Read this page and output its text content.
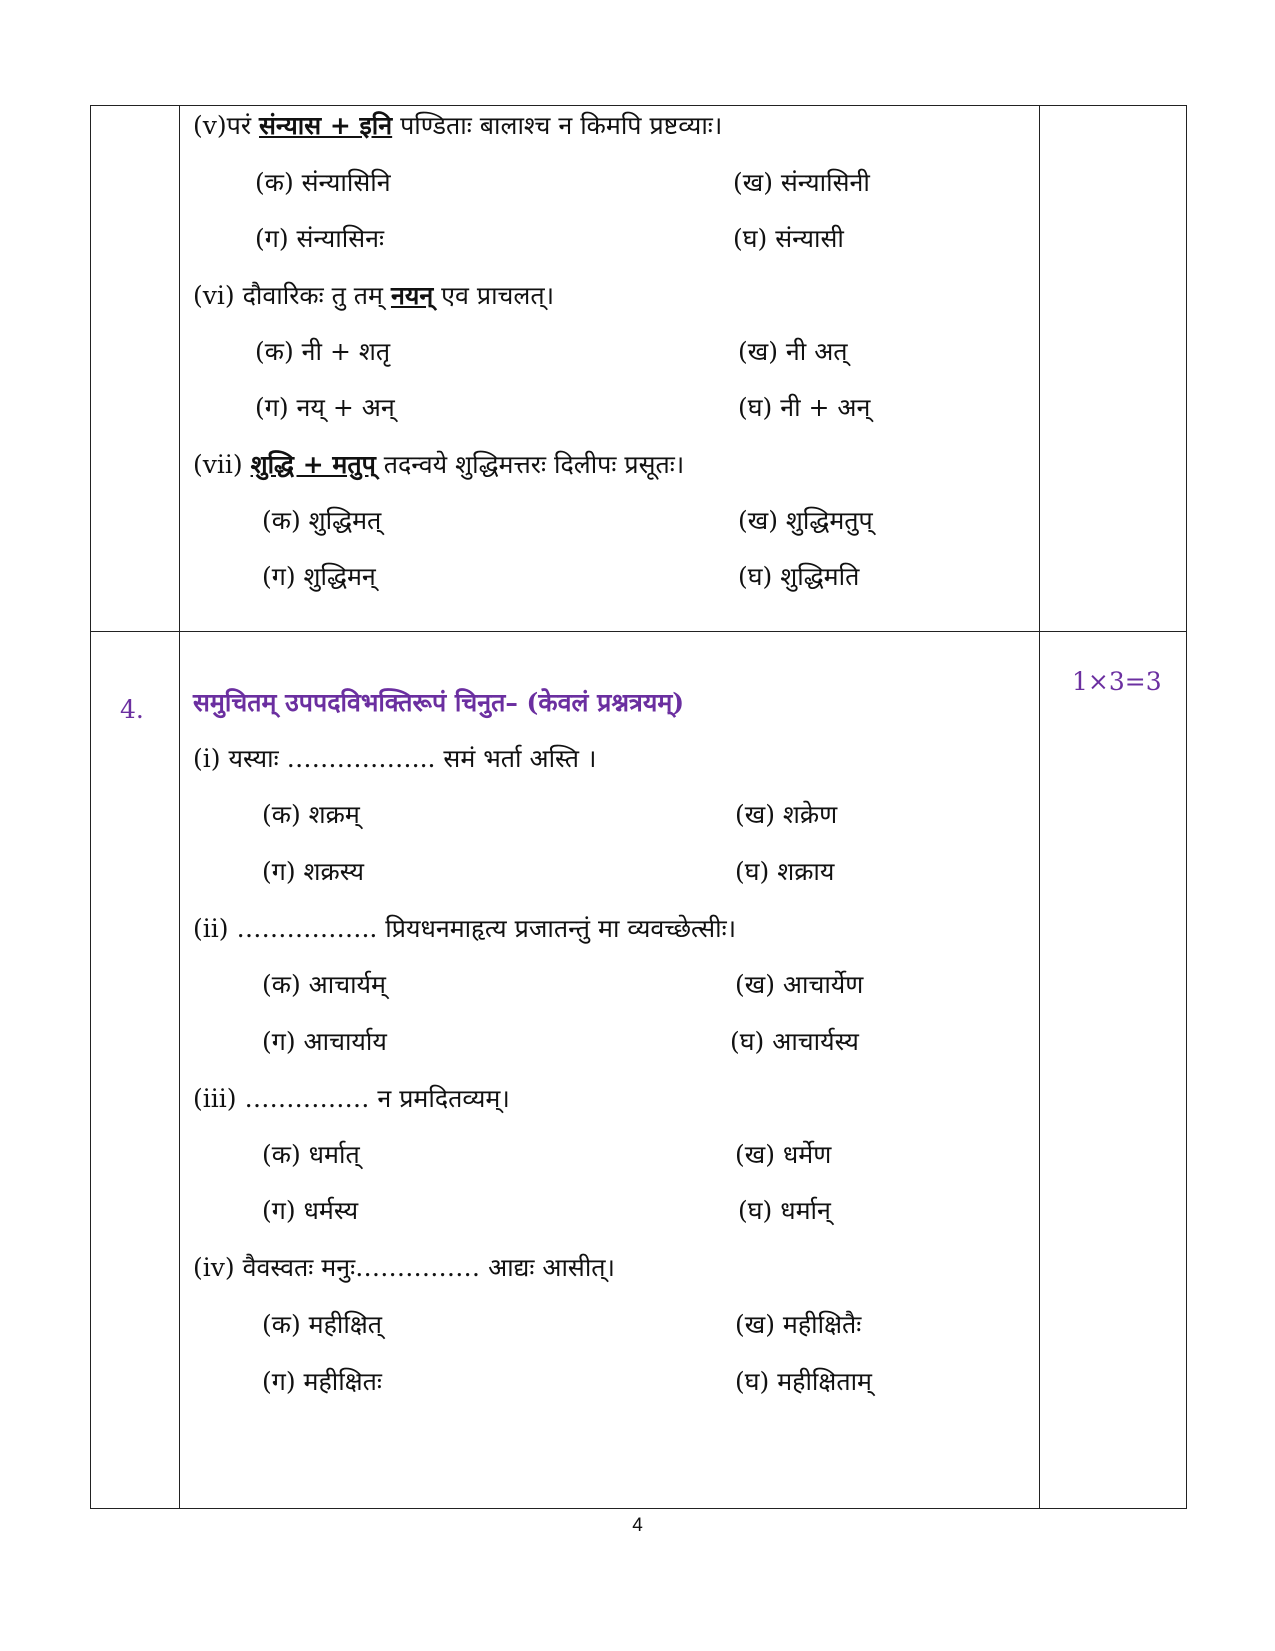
(v)परं संन्यास + इनि पण्डिताः बालाश्च न किमपि प्रष्टव्याः।
(क) संन्यासिनि	(ख) संन्यासिनी
(ग) संन्यासिनः	(घ) संन्यासी
(vi) दौवारिकः तु तम् नयन् एव प्राचलत्।
(क) नी + शतृ	(ख) नी अत्
(ग) नय् + अन्	(घ) नी + अन्
(vii) शुद्धि + मतुप् तदन्वये शुद्धिमत्तरः दिलीपः प्रसूतः।
(क) शुद्धिमत्	(ख) शुद्धिमतुप्
(ग) शुद्धिमन्	(घ) शुद्धिमति
4.
1×3=3
समुचितम् उपपदविभक्तिरूपं चिनुत– (केवलं प्रश्नत्रयम्)
(i) यस्याः ……………... समं भर्ता अस्ति ।
(क) शक्रम्	(ख) शक्रेण
(ग) शक्रस्य	(घ) शक्राय
(ii) …………….. प्रियधनमाहृत्य प्रजातन्तुं मा व्यवच्छेत्सीः।
(क) आचार्यम्	(ख) आचार्येण
(ग) आचार्याय	(घ) आचार्यस्य
(iii) …………… न प्रमदितव्यम्।
(क) धर्मात्	(ख) धर्मेण
(ग) धर्मस्य	(घ) धर्मान्
(iv) वैवस्वतः मनुः…………… आद्यः आसीत्।
(क) महीक्षित्	(ख) महीक्षितैः
(ग) महीक्षितः	(घ) महीक्षिताम्
4
